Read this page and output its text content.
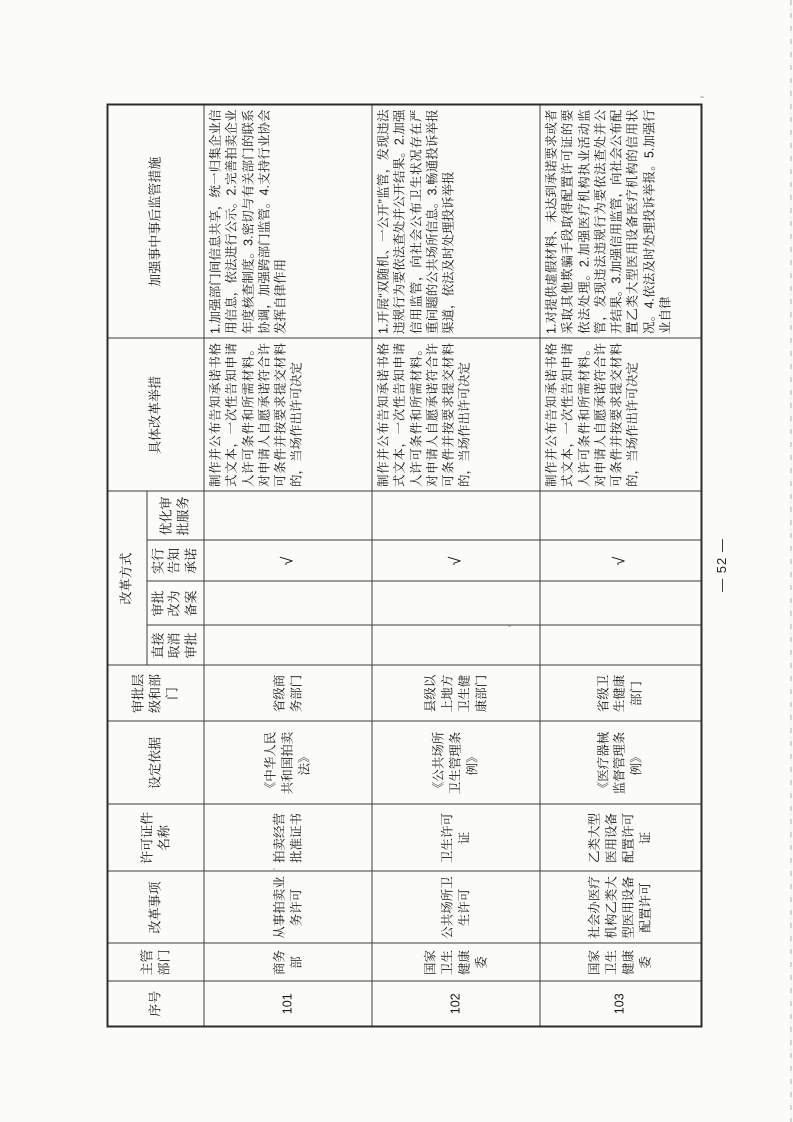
序号	主管部门	改革事项	许可证件名称	设定依据	审批层级和部门	改革方式				具体改革举措	加强事中事后监管措施
						直接取消审批	审批改为备案	实行告知承诺	优化审批服务		
101	商务部	从事拍卖业务许可	拍卖经营批准证书	《中华人民共和国拍卖法》	省级商务部门			√		制作并公布告知承诺书格式文本，一次性告知申请人许可条件和所需材料。对申请人自愿承诺符合许可条件并按要求提交材料的，当场作出许可决定	1.加强部门间信息共享，统一归集企业信用信息，依法进行公示。2.完善拍卖企业年度核查制度。3.密切与有关部门的联系协调，加强跨部门监管。4.支持行业协会发挥自律作用
102	国家卫生健康委	公共场所卫生许可	卫生许可证	《公共场所卫生管理条例》	县级以上地方卫生健康部门			√		制作并公布告知承诺书格式文本，一次性告知申请人许可条件和所需材料。对申请人自愿承诺符合许可条件并按要求提交材料的，当场作出许可决定	1.开展“双随机、一公开”监管，发现违法违规行为要依法查处并公开结果。2.加强信用监管，向社会公布卫生状况存在严重问题的公共场所信息。3.畅通投诉举报渠道，依法及时处理投诉举报
103	国家卫生健康委	社会办医疗机构乙类大型医用设备配置许可	乙类大型医用设备配置许可证	《医疗器械监督管理条例》	省级卫生健康部门			√		制作并公布告知承诺书格式文本，一次性告知申请人许可条件和所需材料。对申请人自愿承诺符合许可条件并按要求提交材料的，当场作出许可决定	1.对提供虚假材料、未达到承诺要求或者采取其他欺骗手段取得配置许可证的要依法处理。2.加强医疗机构执业活动监管，发现违法违规行为要依法查处并公开结果。3.加强信用监管，向社会公布配置乙类大型医用设备医疗机构的信用状况。4.依法及时处理投诉举报。5.加强行业自律
— 52 —
